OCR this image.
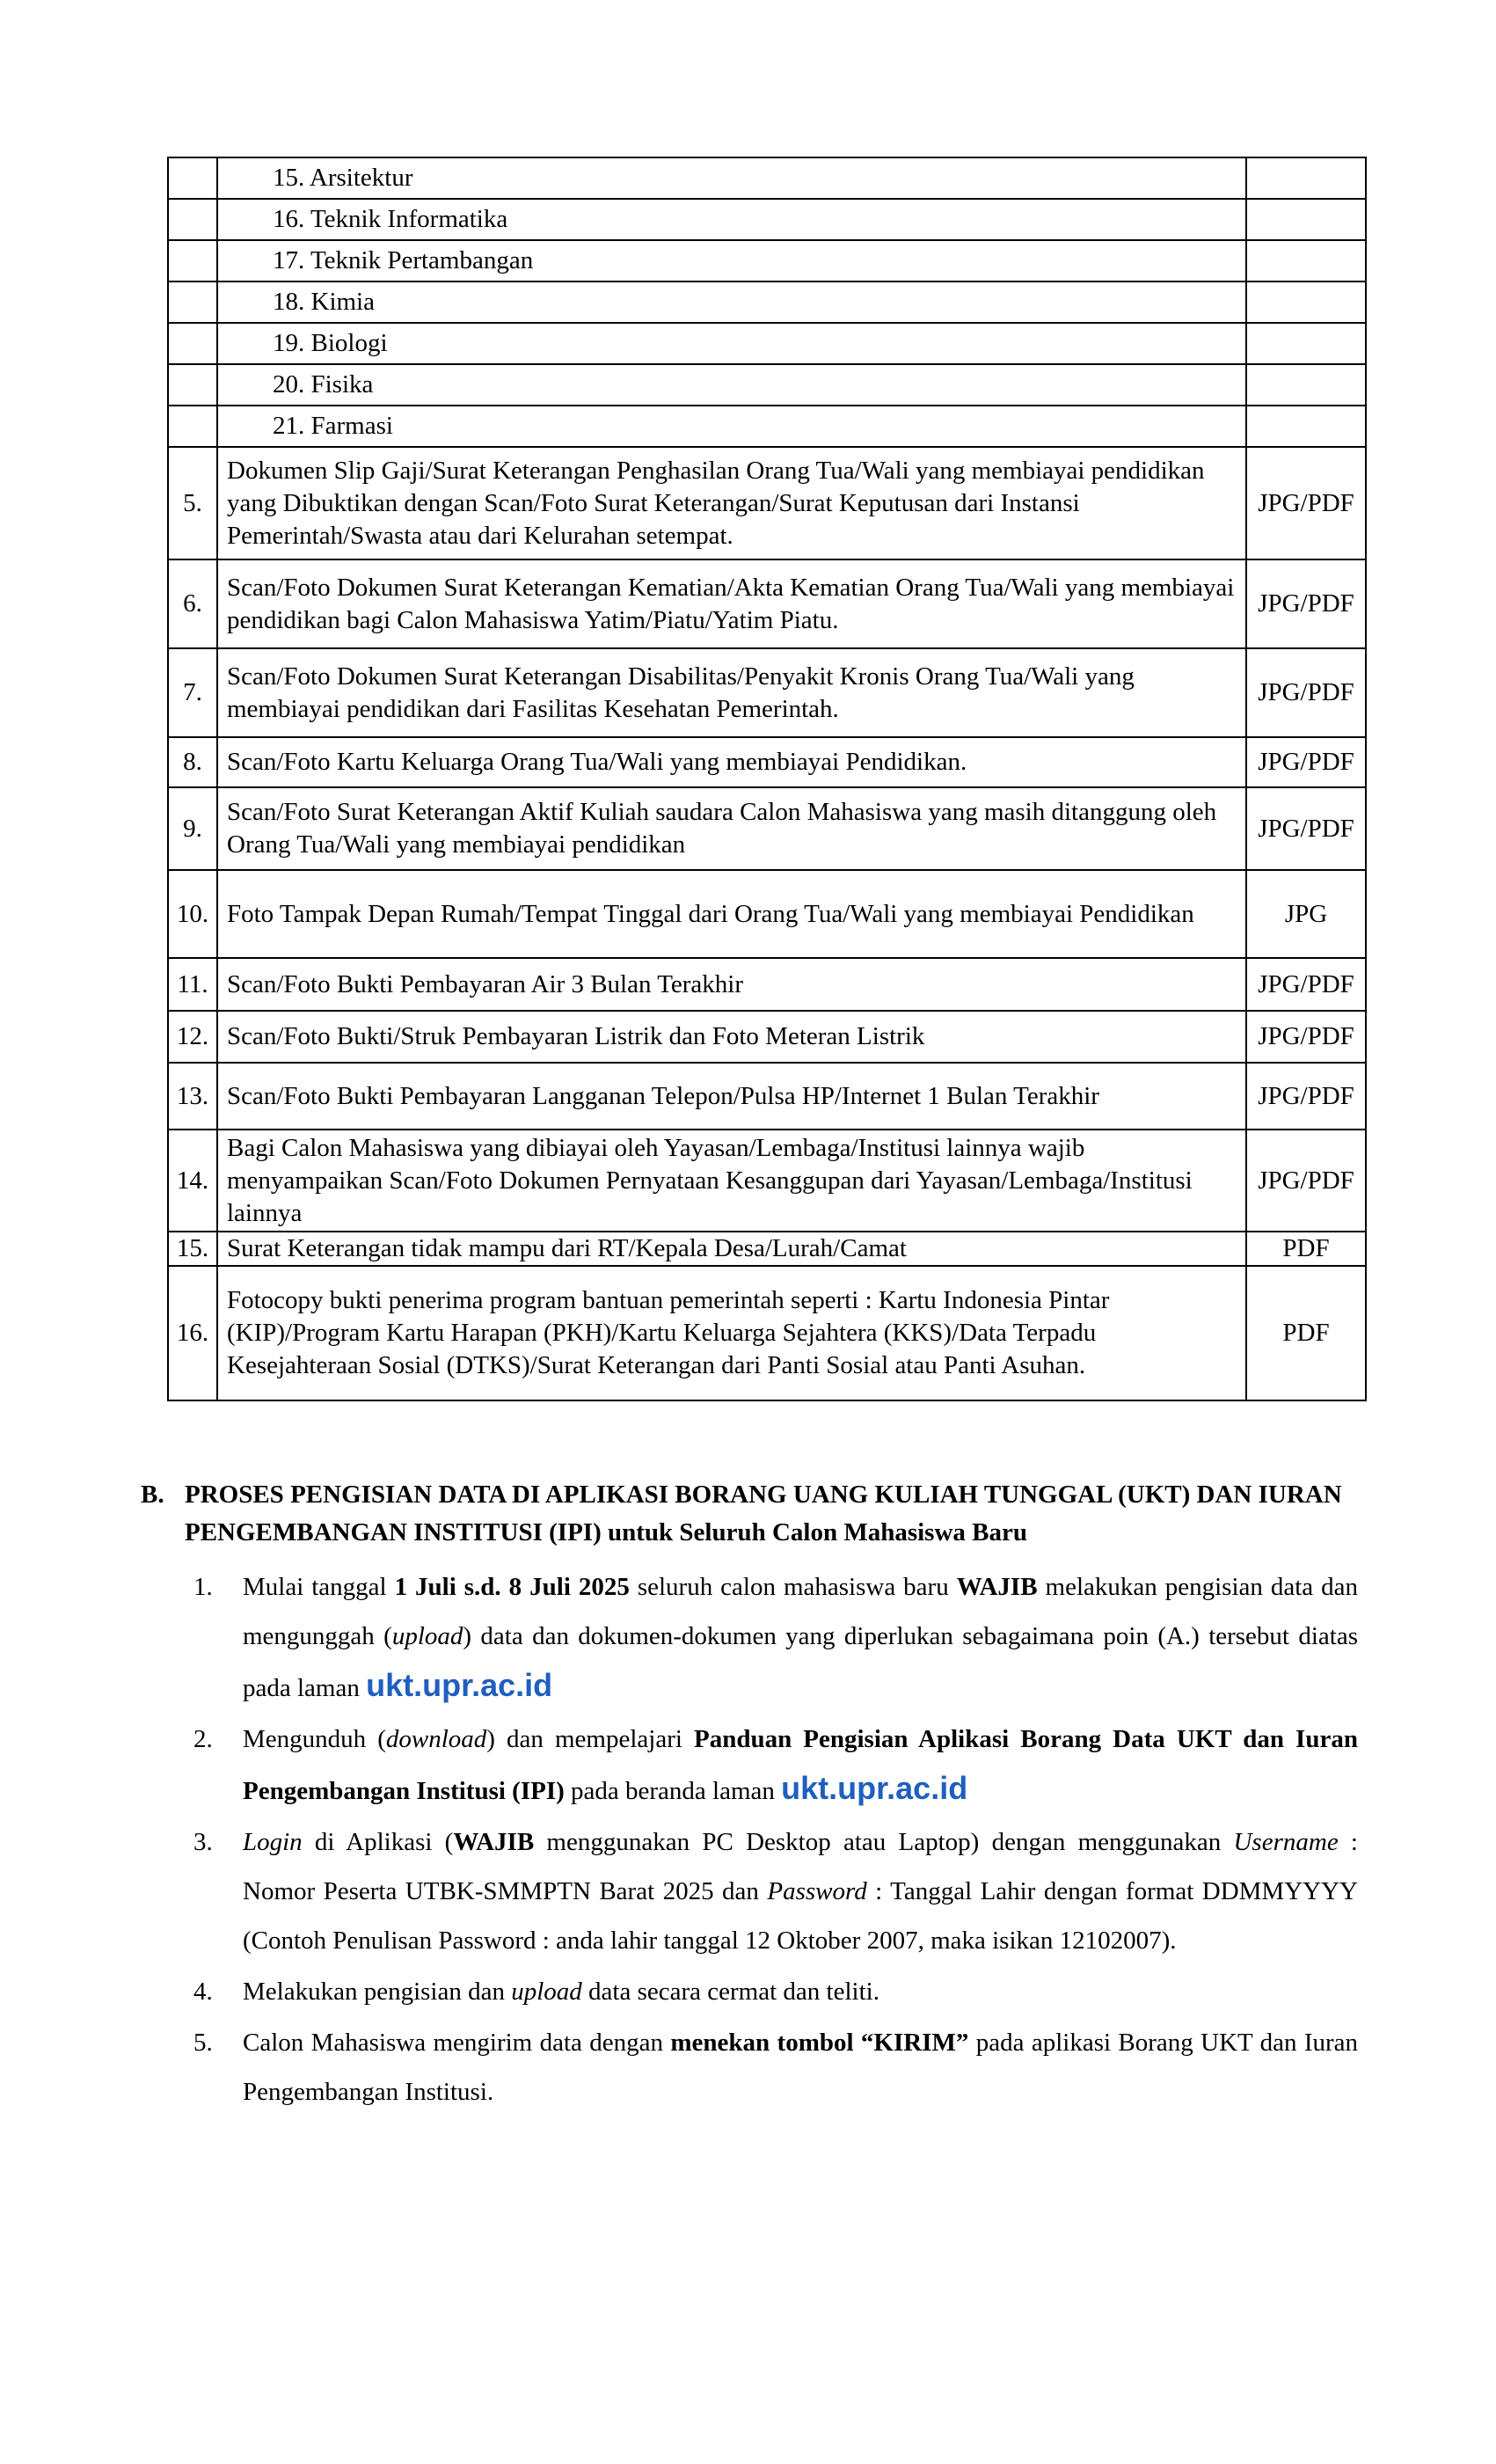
	15. Arsitektur	
	16. Teknik Informatika	
	17. Teknik Pertambangan	
	18. Kimia	
	19. Biologi	
	20. Fisika	
	21. Farmasi	
5.	Dokumen Slip Gaji/Surat Keterangan Penghasilan Orang Tua/Wali yang membiayai pendidikan yang Dibuktikan dengan Scan/Foto Surat Keterangan/Surat Keputusan dari Instansi Pemerintah/Swasta atau dari Kelurahan setempat.	JPG/PDF
6.	Scan/Foto Dokumen Surat Keterangan Kematian/Akta Kematian Orang Tua/Wali yang membiayai pendidikan bagi Calon Mahasiswa Yatim/Piatu/Yatim Piatu.	JPG/PDF
7.	Scan/Foto Dokumen Surat Keterangan Disabilitas/Penyakit Kronis Orang Tua/Wali yang membiayai pendidikan dari Fasilitas Kesehatan Pemerintah.	JPG/PDF
8.	Scan/Foto Kartu Keluarga Orang Tua/Wali yang membiayai Pendidikan.	JPG/PDF
9.	Scan/Foto Surat Keterangan Aktif Kuliah saudara Calon Mahasiswa yang masih ditanggung oleh Orang Tua/Wali yang membiayai pendidikan	JPG/PDF
10.	Foto Tampak Depan Rumah/Tempat Tinggal dari Orang Tua/Wali yang membiayai Pendidikan	JPG
11.	Scan/Foto Bukti Pembayaran Air 3 Bulan Terakhir	JPG/PDF
12.	Scan/Foto Bukti/Struk Pembayaran Listrik dan Foto Meteran Listrik	JPG/PDF
13.	Scan/Foto Bukti Pembayaran Langganan Telepon/Pulsa HP/Internet 1 Bulan Terakhir	JPG/PDF
14.	Bagi Calon Mahasiswa yang dibiayai oleh Yayasan/Lembaga/Institusi lainnya wajib menyampaikan Scan/Foto Dokumen Pernyataan Kesanggupan dari Yayasan/Lembaga/Institusi lainnya	JPG/PDF
15.	Surat Keterangan tidak mampu dari RT/Kepala Desa/Lurah/Camat	PDF
16.	Fotocopy bukti penerima program bantuan pemerintah seperti : Kartu Indonesia Pintar (KIP)/Program Kartu Harapan (PKH)/Kartu Keluarga Sejahtera (KKS)/Data Terpadu Kesejahteraan Sosial (DTKS)/Surat Keterangan dari Panti Sosial atau Panti Asuhan.	PDF
B. PROSES PENGISIAN DATA DI APLIKASI BORANG UANG KULIAH TUNGGAL (UKT) DAN IURAN PENGEMBANGAN INSTITUSI (IPI) untuk Seluruh Calon Mahasiswa Baru
1. Mulai tanggal 1 Juli s.d. 8 Juli 2025 seluruh calon mahasiswa baru WAJIB melakukan pengisian data dan mengunggah (upload) data dan dokumen-dokumen yang diperlukan sebagaimana poin (A.) tersebut diatas pada laman ukt.upr.ac.id
2. Mengunduh (download) dan mempelajari Panduan Pengisian Aplikasi Borang Data UKT dan Iuran Pengembangan Institusi (IPI) pada beranda laman ukt.upr.ac.id
3. Login di Aplikasi (WAJIB menggunakan PC Desktop atau Laptop) dengan menggunakan Username : Nomor Peserta UTBK-SMMPTN Barat 2025 dan Password : Tanggal Lahir dengan format DDMMYYYY (Contoh Penulisan Password : anda lahir tanggal 12 Oktober 2007, maka isikan 12102007).
4. Melakukan pengisian dan upload data secara cermat dan teliti.
5. Calon Mahasiswa mengirim data dengan menekan tombol “KIRIM” pada aplikasi Borang UKT dan Iuran Pengembangan Institusi.
